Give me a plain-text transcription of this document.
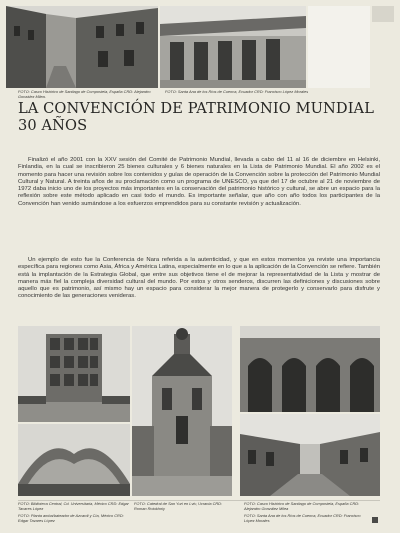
FOTO: Casco Histórico de Santiago de Compostela, España CRD: Alejandro González Milea.
FOTO: Santa Ana de los Ríos de Cuenca, Ecuador CRD: Francisco López Morales
LA CONVENCIÓN DE PATRIMONIO MUNDIAL
30 AÑOS

Finalizó el año 2001 con la XXV sesión del Comité de Patrimonio Mundial, llevada a cabo del 11 al 16 de diciembre en Helsinki, Finlandia, en la cual se inscribieron 25 bienes culturales y 6 bienes naturales en la Lista de Patrimonio Mundial. El año 2002 es el momento para hacer una revisión sobre los contenidos y guías de operación de la Convención sobre la protección del Patrimonio Mundial Cultural y Natural. A treinta años de su proclamación como un programa de UNESCO, ya que del 17 de octubre al 21 de noviembre de 1972 daba inicio uno de los proyectos más importantes en la conservación del patrimonio histórico y cultural, se abre un espacio para la reflexión sobre este método aplicado en casi todo el mundo. Es importante señalar, que año con año todos los participantes de la Convención han venido sumándose a los esfuerzos emprendidos para su constante revisión y actualización.

Un ejemplo de esto fue la Conferencia de Nara referida a la autenticidad, y que en estos momentos ya reviste una importancia específica para regiones como Asia, África y América Latina, especialmente en lo que a la aplicación de la Convención se refiere. También está la implantación de la Estrategia Global, que entre sus objetivos tiene el de mejorar la representatividad de la Lista y mostrar de manera más fiel la compleja diversidad cultural del mundo. Por estos y otros senderos, discurren las definiciones y discusiones sobre aquello que es patrimonio, así mismo hay un espacio para considerar la mejor manera de protegerlo y conservarlo para disfrute y conocimiento de las generaciones venideras.

FOTO: Biblioteca Central, Cd. Universitaria, México CRD: Edgar Tavares López
FOTO: Planta amba/bateador de Azcardi y Cía, México CRD: Edgar Tavares López
FOTO: Catedral de San Yuri en Lviv, Ucrania CRD: Roman Rotukhniy
FOTO: Casco Histórico de Santiago de Compostela, España CRD: Alejandro González Milea
FOTO: Santa Ana de los Ríos de Cuenca, Ecuador CRD: Francisco López Morales
